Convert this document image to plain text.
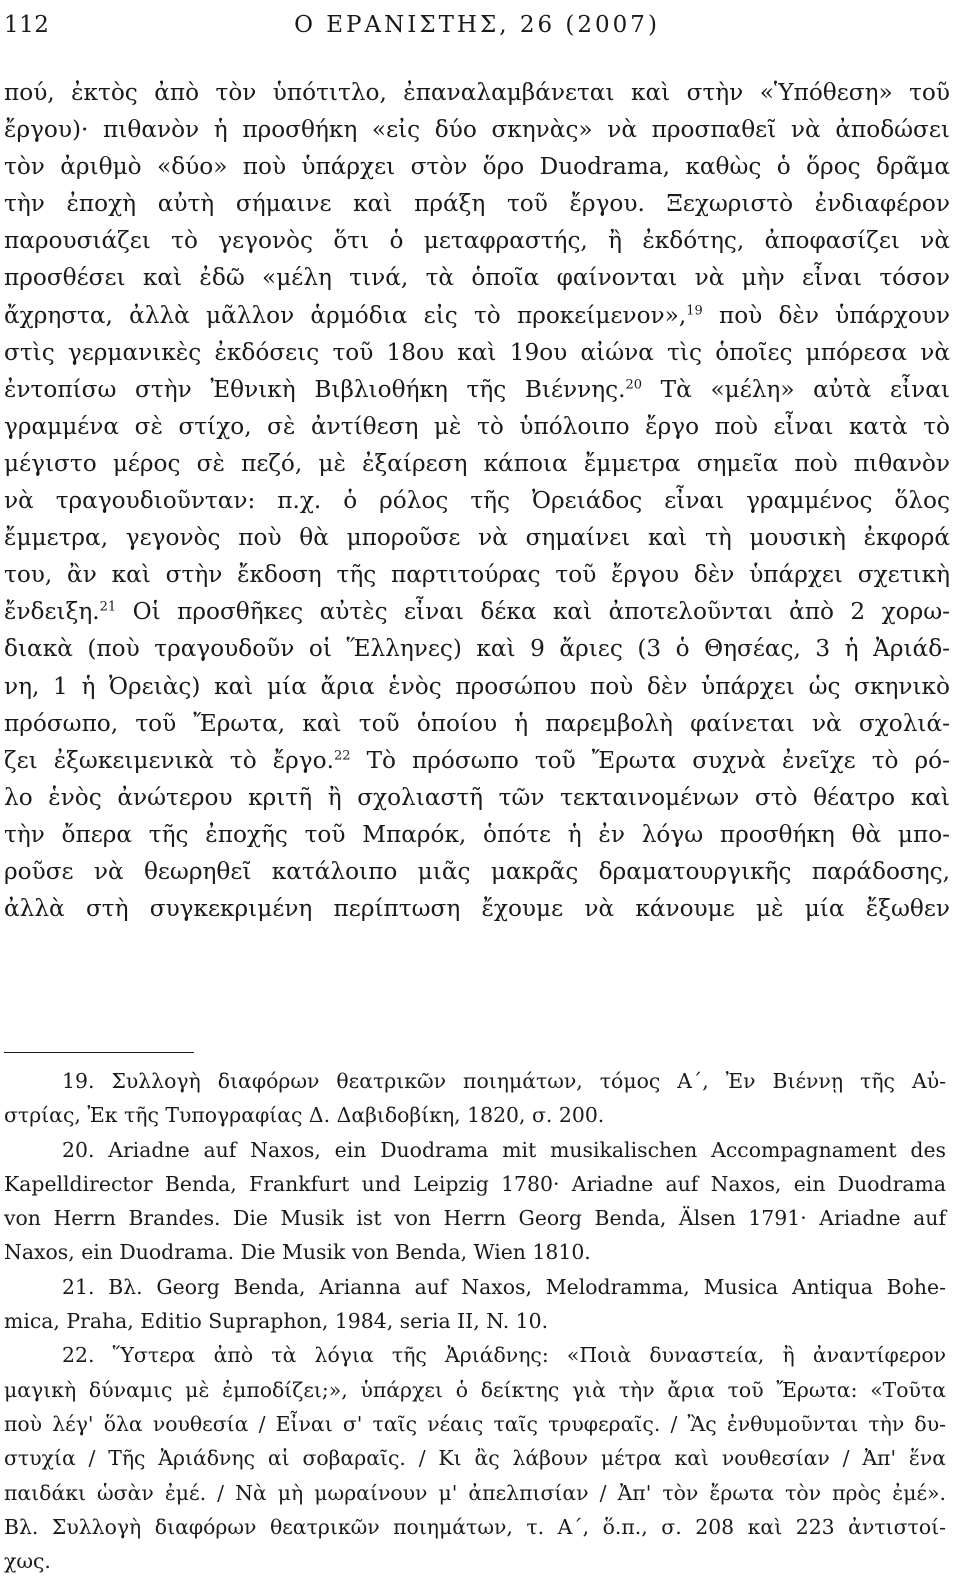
112	Ο ΕΡΑΝΙΣΤΗΣ, 26 (2007)
πού, ἐκτὸς ἀπὸ τὸν ὑπότιτλο, ἐπαναλαμβάνεται καὶ στὴν «Ὑπόθεση» τοῦ
ἔργου)· πιθανὸν ἡ προσθήκη «εἰς δύο σκηνὰς» νὰ προσπαθεῖ νὰ ἀποδώσει
τὸν ἀριθμὸ «δύο» ποὺ ὑπάρχει στὸν ὅρο Duodrama, καθὼς ὁ ὅρος δρᾶμα
τὴν ἐποχὴ αὐτὴ σήμαινε καὶ πράξη τοῦ ἔργου. Ξεχωριστὸ ἐνδιαφέρον
παρουσιάζει τὸ γεγονὸς ὅτι ὁ μεταφραστής, ἢ ἐκδότης, ἀποφασίζει νὰ
προσθέσει καὶ ἐδῶ «μέλη τινά, τὰ ὁποῖα φαίνονται νὰ μὴν εἶναι τόσον
ἄχρηστα, ἀλλὰ μᾶλλον ἁρμόδια εἰς τὸ προκείμενον»,$^{19}$ ποὺ δὲν ὑπάρχουν
στὶς γερμανικὲς ἐκδόσεις τοῦ 18ου καὶ 19ου αἰώνα τὶς ὁποῖες μπόρεσα νὰ
ἐντοπίσω στὴν Ἐθνικὴ Βιβλιοθήκη τῆς Βιέννης.$^{20}$ Τὰ «μέλη» αὐτὰ εἶναι
γραμμένα σὲ στίχο, σὲ ἀντίθεση μὲ τὸ ὑπόλοιπο ἔργο ποὺ εἶναι κατὰ τὸ
μέγιστο μέρος σὲ πεζό, μὲ ἐξαίρεση κάποια ἔμμετρα σημεῖα ποὺ πιθανὸν
νὰ τραγουδιοῦνταν: π.χ. ὁ ρόλος τῆς Ὀρειάδος εἶναι γραμμένος ὅλος
ἔμμετρα, γεγονὸς ποὺ θὰ μποροῦσε νὰ σημαίνει καὶ τὴ μουσικὴ ἐκφορά
του, ἂν καὶ στὴν ἔκδοση τῆς παρτιτούρας τοῦ ἔργου δὲν ὑπάρχει σχετικὴ
ἔνδειξη.$^{21}$ Οἱ προσθῆκες αὐτὲς εἶναι δέκα καὶ ἀποτελοῦνται ἀπὸ 2 χορω-
διακὰ (ποὺ τραγουδοῦν οἱ Ἕλληνες) καὶ 9 ἄριες (3 ὁ Θησέας, 3 ἡ Ἀριάδ-
νη, 1 ἡ Ὀρειὰς) καὶ μία ἄρια ἑνὸς προσώπου ποὺ δὲν ὑπάρχει ὡς σκηνικὸ
πρόσωπο, τοῦ Ἔρωτα, καὶ τοῦ ὁποίου ἡ παρεμβολὴ φαίνεται νὰ σχολιά-
ζει ἐξωκειμενικὰ τὸ ἔργο.$^{22}$ Τὸ πρόσωπο τοῦ Ἔρωτα συχνὰ ἐνεῖχε τὸ ρό-
λο ἑνὸς ἀνώτερου κριτῆ ἢ σχολιαστῆ τῶν τεκταινομένων στὸ θέατρο καὶ
τὴν ὄπερα τῆς ἐποχῆς τοῦ Μπαρόκ, ὁπότε ἡ ἐν λόγω προσθήκη θὰ μπο-
ροῦσε νὰ θεωρηθεῖ κατάλοιπο μιᾶς μακρᾶς δραματουργικῆς παράδοσης,
ἀλλὰ στὴ συγκεκριμένη περίπτωση ἔχουμε νὰ κάνουμε μὲ μία ἔξωθεν
19. Συλλογὴ διαφόρων θεατρικῶν ποιημάτων, τόμος Α΄, Ἐν Βιέννῃ τῆς Αὐ-
στρίας, Ἐκ τῆς Τυπογραφίας Δ. Δαβιδοβίκη, 1820, σ. 200.
20. Ariadne auf Naxos, ein Duodrama mit musikalischen Accompagnament des
Kapelldirector Benda, Frankfurt und Leipzig 1780· Ariadne auf Naxos, ein Duodrama
von Herrn Brandes. Die Musik ist von Herrn Georg Benda, Älsen 1791· Ariadne auf
Naxos, ein Duodrama. Die Musik von Benda, Wien 1810.
21. Βλ. Georg Benda, Arianna auf Naxos, Melodramma, Musica Antiqua Bohe-
mica, Praha, Editio Supraphon, 1984, seria II, N. 10.
22. Ὕστερα ἀπὸ τὰ λόγια τῆς Ἀριάδνης: «Ποιὰ δυναστεία, ἢ ἀναντίφερον
μαγικὴ δύναμις μὲ ἐμποδίζει;», ὑπάρχει ὁ δείκτης γιὰ τὴν ἄρια τοῦ Ἔρωτα: «Τοῦτα
ποὺ λέγ' ὅλα νουθεσία / Εἶναι σ' ταῖς νέαις ταῖς τρυφεραῖς. / Ἂς ἐνθυμοῦνται τὴν δυ-
στυχία / Τῆς Ἀριάδνης αἱ σοβαραῖς. / Κι ἂς λάβουν μέτρα καὶ νουθεσίαν / Ἀπ' ἕνα
παιδάκι ὡσὰν ἐμέ. / Νὰ μὴ μωραίνουν μ' ἀπελπισίαν / Ἀπ' τὸν ἔρωτα τὸν πρὸς ἐμέ».
Βλ. Συλλογὴ διαφόρων θεατρικῶν ποιημάτων, τ. Α΄, ὅ.π., σ. 208 καὶ 223 ἀντιστοί-
χως.
